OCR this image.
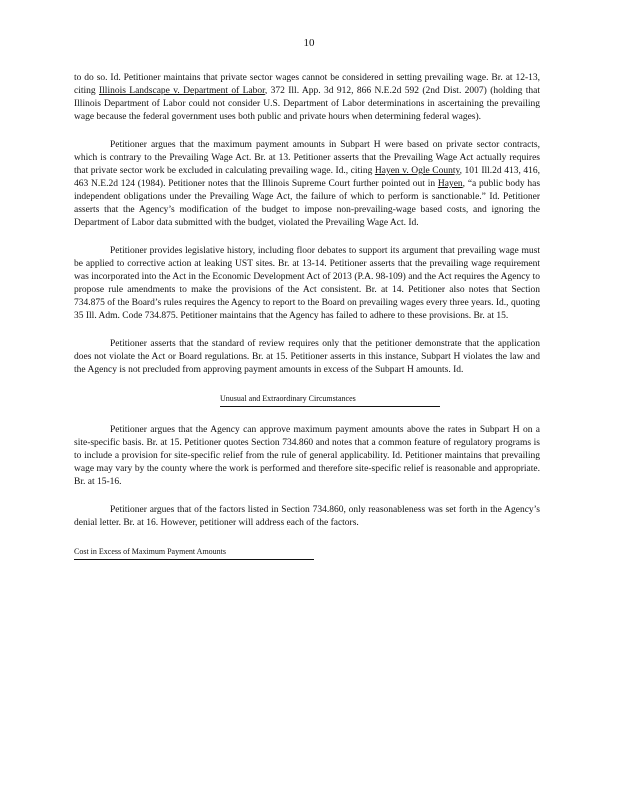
10

to do so. Id. Petitioner maintains that private sector wages cannot be considered in setting prevailing wage. Br. at 12-13, citing Illinois Landscape v. Department of Labor, 372 Ill. App. 3d 912, 866 N.E.2d 592 (2nd Dist. 2007) (holding that Illinois Department of Labor could not consider U.S. Department of Labor determinations in ascertaining the prevailing wage because the federal government uses both public and private hours when determining federal wages).

Petitioner argues that the maximum payment amounts in Subpart H were based on private sector contracts, which is contrary to the Prevailing Wage Act. Br. at 13. Petitioner asserts that the Prevailing Wage Act actually requires that private sector work be excluded in calculating prevailing wage. Id., citing Hayen v. Ogle County, 101 Ill.2d 413, 416, 463 N.E.2d 124 (1984). Petitioner notes that the Illinois Supreme Court further pointed out in Hayen, “a public body has independent obligations under the Prevailing Wage Act, the failure of which to perform is sanctionable.” Id. Petitioner asserts that the Agency’s modification of the budget to impose non-prevailing-wage based costs, and ignoring the Department of Labor data submitted with the budget, violated the Prevailing Wage Act. Id.

Petitioner provides legislative history, including floor debates to support its argument that prevailing wage must be applied to corrective action at leaking UST sites. Br. at 13-14. Petitioner asserts that the prevailing wage requirement was incorporated into the Act in the Economic Development Act of 2013 (P.A. 98-109) and the Act requires the Agency to propose rule amendments to make the provisions of the Act consistent. Br. at 14. Petitioner also notes that Section 734.875 of the Board’s rules requires the Agency to report to the Board on prevailing wages every three years. Id., quoting 35 Ill. Adm. Code 734.875. Petitioner maintains that the Agency has failed to adhere to these provisions. Br. at 15.

Petitioner asserts that the standard of review requires only that the petitioner demonstrate that the application does not violate the Act or Board regulations. Br. at 15. Petitioner asserts in this instance, Subpart H violates the law and the Agency is not precluded from approving payment amounts in excess of the Subpart H amounts. Id.

Unusual and Extraordinary Circumstances

Petitioner argues that the Agency can approve maximum payment amounts above the rates in Subpart H on a site-specific basis. Br. at 15. Petitioner quotes Section 734.860 and notes that a common feature of regulatory programs is to include a provision for site-specific relief from the rule of general applicability. Id. Petitioner maintains that prevailing wage may vary by the county where the work is performed and therefore site-specific relief is reasonable and appropriate. Br. at 15-16.

Petitioner argues that of the factors listed in Section 734.860, only reasonableness was set forth in the Agency’s denial letter. Br. at 16. However, petitioner will address each of the factors.

Cost in Excess of Maximum Payment Amounts
